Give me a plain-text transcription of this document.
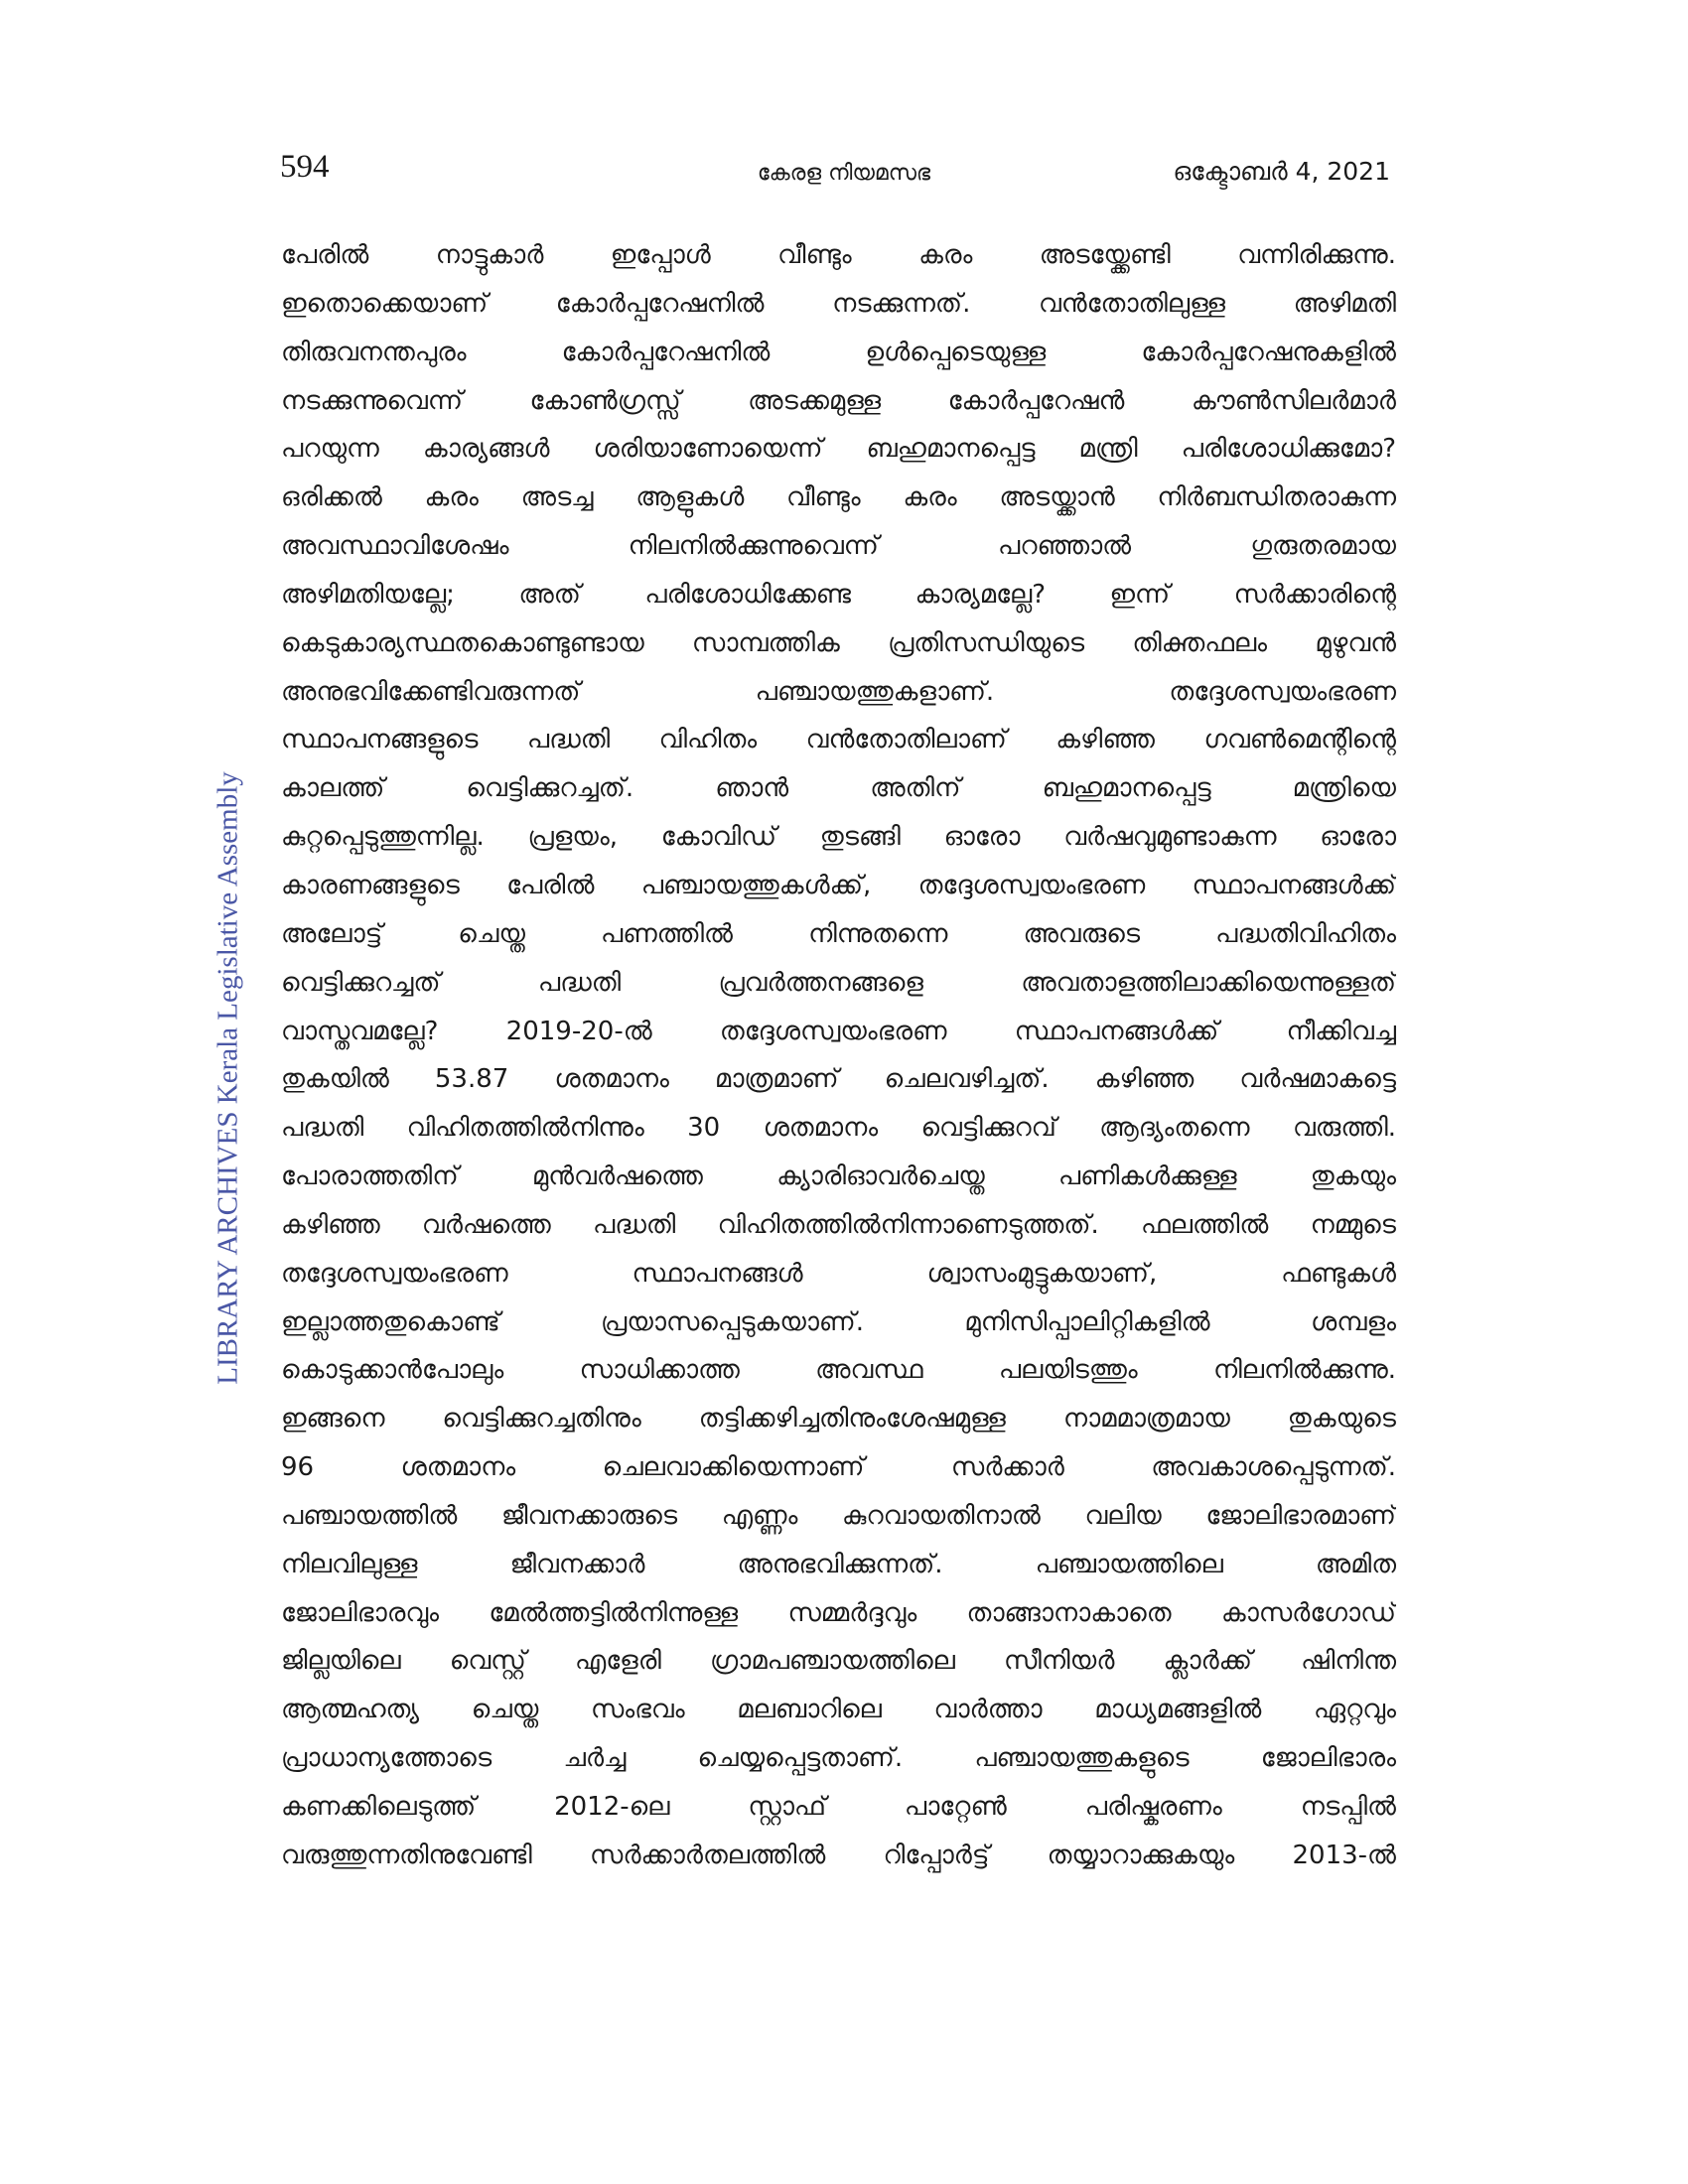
594	കേരള നിയമസഭ	ഒക്ടോബർ 4, 2021
LIBRARY ARCHIVES Kerala Legislative Assembly
പേരിൽ നാട്ടുകാർ ഇപ്പോൾ വീണ്ടും കരം അടയ്ക്കേണ്ടി വന്നിരിക്കുന്നു.
ഇതൊക്കെയാണ് കോർപ്പറേഷനിൽ നടക്കുന്നത്. വൻതോതിലുള്ള അഴിമതി
തിരുവനന്തപുരം കോർപ്പറേഷനിൽ ഉൾപ്പെടെയുള്ള കോർപ്പറേഷനുകളിൽ
നടക്കുന്നുവെന്ന് കോൺഗ്രസ്സ് അടക്കമുള്ള കോർപ്പറേഷൻ കൗൺസിലർമാർ
പറയുന്ന കാര്യങ്ങൾ ശരിയാണോയെന്ന് ബഹുമാനപ്പെട്ട മന്ത്രി പരിശോധിക്കുമോ?
ഒരിക്കൽ കരം അടച്ച ആളുകൾ വീണ്ടും കരം അടയ്ക്കാൻ നിർബന്ധിതരാകുന്ന
അവസ്ഥാവിശേഷം നിലനിൽക്കുന്നുവെന്ന് പറഞ്ഞാൽ ഗുരുതരമായ
അഴിമതിയല്ലേ; അത് പരിശോധിക്കേണ്ട കാര്യമല്ലേ? ഇന്ന് സർക്കാരിന്റെ
കെടുകാര്യസ്ഥതകൊണ്ടുണ്ടായ സാമ്പത്തിക പ്രതിസന്ധിയുടെ തിക്തഫലം മുഴുവൻ
അനുഭവിക്കേണ്ടിവരുന്നത് പഞ്ചായത്തുകളാണ്. തദ്ദേശസ്വയംഭരണ
സ്ഥാപനങ്ങളുടെ പദ്ധതി വിഹിതം വൻതോതിലാണ് കഴിഞ്ഞ ഗവൺമെന്റിന്റെ
കാലത്ത് വെട്ടിക്കുറച്ചത്. ഞാൻ അതിന് ബഹുമാനപ്പെട്ട മന്ത്രിയെ
കുറ്റപ്പെടുത്തുന്നില്ല. പ്രളയം, കോവിഡ് തുടങ്ങി ഓരോ വർഷവുമുണ്ടാകുന്ന ഓരോ
കാരണങ്ങളുടെ പേരിൽ പഞ്ചായത്തുകൾക്ക്, തദ്ദേശസ്വയംഭരണ സ്ഥാപനങ്ങൾക്ക്
അലോട്ട് ചെയ്ത പണത്തിൽ നിന്നുതന്നെ അവരുടെ പദ്ധതിവിഹിതം
വെട്ടിക്കുറച്ചത് പദ്ധതി പ്രവർത്തനങ്ങളെ അവതാളത്തിലാക്കിയെന്നുള്ളത്
വാസ്തവമല്ലേ? 2019-20-ൽ തദ്ദേശസ്വയംഭരണ സ്ഥാപനങ്ങൾക്ക് നീക്കിവച്ച
തുകയിൽ 53.87 ശതമാനം മാത്രമാണ് ചെലവഴിച്ചത്. കഴിഞ്ഞ വർഷമാകട്ടെ
പദ്ധതി വിഹിതത്തിൽനിന്നും 30 ശതമാനം വെട്ടിക്കുറവ് ആദ്യംതന്നെ വരുത്തി.
പോരാത്തതിന് മുൻവർഷത്തെ ക്യാരിഓവർചെയ്ത പണികൾക്കുള്ള തുകയും
കഴിഞ്ഞ വർഷത്തെ പദ്ധതി വിഹിതത്തിൽനിന്നാണെടുത്തത്. ഫലത്തിൽ നമ്മുടെ
തദ്ദേശസ്വയംഭരണ സ്ഥാപനങ്ങൾ ശ്വാസംമുട്ടുകയാണ്, ഫണ്ടുകൾ
ഇല്ലാത്തതുകൊണ്ട് പ്രയാസപ്പെടുകയാണ്. മുനിസിപ്പാലിറ്റികളിൽ ശമ്പളം
കൊടുക്കാൻപോലും സാധിക്കാത്ത അവസ്ഥ പലയിടത്തും നിലനിൽക്കുന്നു.
ഇങ്ങനെ വെട്ടിക്കുറച്ചതിനും തട്ടിക്കഴിച്ചതിനുംശേഷമുള്ള നാമമാത്രമായ തുകയുടെ
96 ശതമാനം ചെലവാക്കിയെന്നാണ് സർക്കാർ അവകാശപ്പെടുന്നത്.
പഞ്ചായത്തിൽ ജീവനക്കാരുടെ എണ്ണം കുറവായതിനാൽ വലിയ ജോലിഭാരമാണ്
നിലവിലുള്ള ജീവനക്കാർ അനുഭവിക്കുന്നത്. പഞ്ചായത്തിലെ അമിത
ജോലിഭാരവും മേൽത്തട്ടിൽനിന്നുള്ള സമ്മർദ്ദവും താങ്ങാനാകാതെ കാസർഗോഡ്
ജില്ലയിലെ വെസ്റ്റ് എളേരി ഗ്രാമപഞ്ചായത്തിലെ സീനിയർ ക്ലാർക്ക് ഷിനിന്ത
ആത്മഹത്യ ചെയ്ത സംഭവം മലബാറിലെ വാർത്താ മാധ്യമങ്ങളിൽ ഏറ്റവും
പ്രാധാന്യത്തോടെ ചർച്ച ചെയ്യപ്പെട്ടതാണ്. പഞ്ചായത്തുകളുടെ ജോലിഭാരം
കണക്കിലെടുത്ത് 2012-ലെ സ്റ്റാഫ് പാറ്റേൺ പരിഷ്കരണം നടപ്പിൽ
വരുത്തുന്നതിനുവേണ്ടി സർക്കാർതലത്തിൽ റിപ്പോർട്ട് തയ്യാറാക്കുകയും 2013-ൽ
